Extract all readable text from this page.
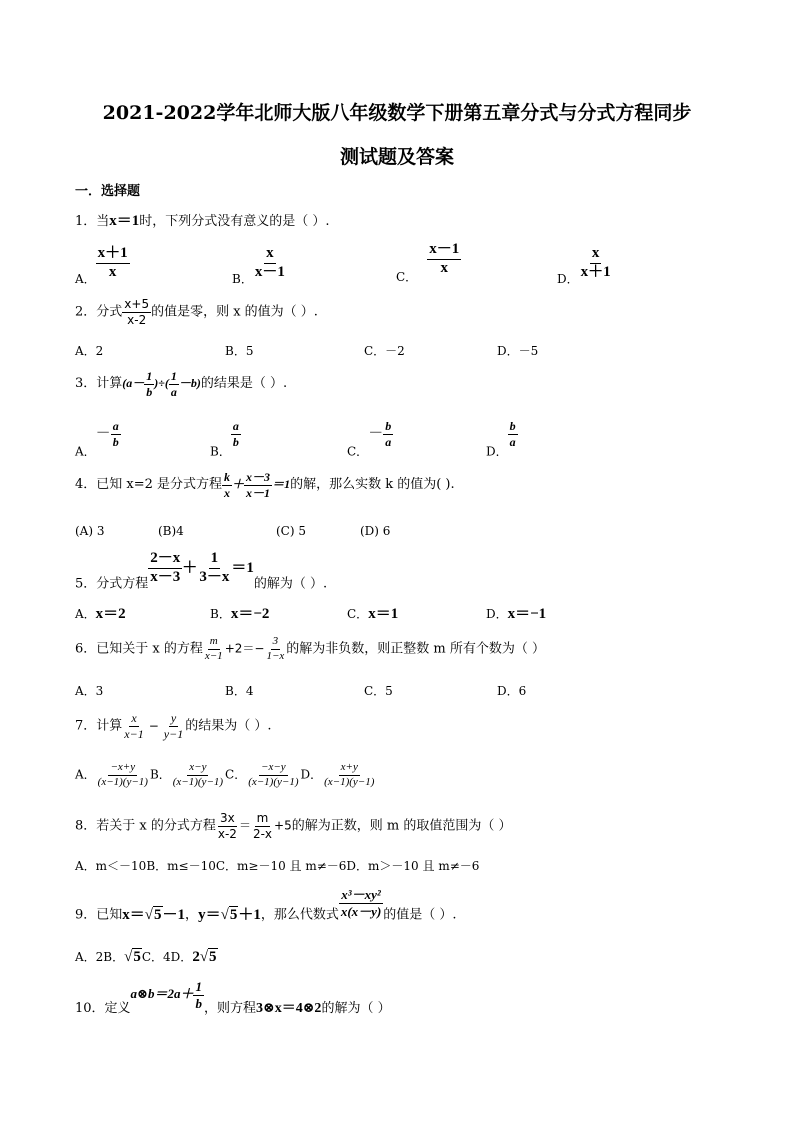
2021-2022学年北师大版八年级数学下册第五章分式与分式方程同步
测试题及答案
一．选择题
1．当x＝1时，下列分式没有意义的是（ ）.
A． $\frac{x+1}{x}$	B． $\frac{x}{x-1}$	C．
$\frac{x-1}{x}$
D． $\frac{x}{x+1}$
2．分式 $\frac{x+5}{x-2}$ 的值是零，则 x 的值为（ ）.
A．2	B．5	C．－2	D．－5
3．计算($a- \frac{1}{b}$ )÷( $\frac{1}{a} -b$)的结果是（ ）.
A．－ $\frac{a}{b}$
B．
$\frac{a}{b}$
C．－ $\frac{b}{a}$
D．
$\frac{b}{a}$
4．已知 x=2 是分式方程 $\frac{k}{x} + \frac{x-3}{x-1} =1$的解，那么实数 k 的值为( ).
(A) 3	(B)4	(C) 5	(D) 6
5．分式方程 $\frac{2-x}{x-3} + \frac{1}{3-x} =1$的解为（ ）.
A．x＝2	B．x＝−2	C．x＝1	D．x＝−1
6．已知关于 x 的方程 $\frac{m}{x-1} +2=- \frac{3}{1-x}$ 的解为非负数，则正整数 m 所有个数为（ ）
A．3	B．4	C．5	D．6
7．计算 $\frac{x}{x-1} - \frac{y}{y-1}$ 的结果为（ ）.
A． $\frac{-x+y}{(x-1)(y-1)}$ B． $\frac{x-y}{(x-1)(y-1)}$ C． $\frac{-x-y}{(x-1)(y-1)}$ D． $\frac{x+y}{(x-1)(y-1)}$
8．若关于 x 的分式方程 $\frac{3x}{x-2} = \frac{m}{2-x} +5$的解为正数，则 m 的取值范围为（ ）
A．m＜－10B．m≤－10C．m≥－10 且 m≠－6D．m＞－10 且 m≠－6
9．已知x＝√5－1，y＝√5＋1，那么代数式 $\frac{\text{x³－xy²}}{x(x-y)}$ 的值是（ ）.
A．2B．√5C．4D．2√5
10．定义a⊗b＝2a＋ $\frac{1}{b}$ ，则方程3⊗x＝4⊗2的解为（ ）
